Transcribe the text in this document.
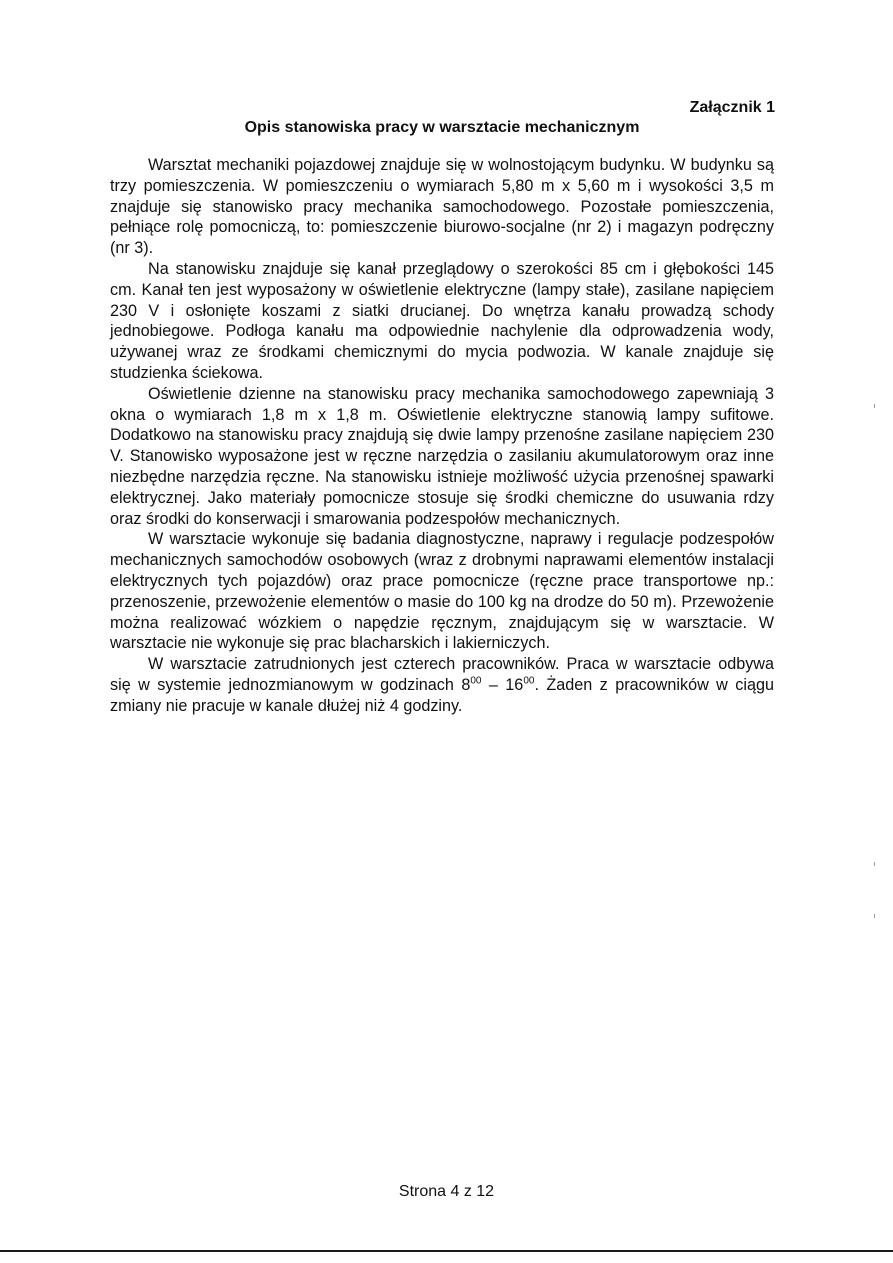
Załącznik 1
Opis stanowiska pracy w warsztacie mechanicznym

Warsztat mechaniki pojazdowej znajduje się w wolnostojącym budynku. W budynku są trzy pomieszczenia. W pomieszczeniu o wymiarach 5,80 m x 5,60 m i wysokości 3,5 m znajduje się stanowisko pracy mechanika samochodowego. Pozostałe pomieszczenia, pełniące rolę pomocniczą, to: pomieszczenie biurowo-socjalne (nr 2) i magazyn podręczny (nr 3).

Na stanowisku znajduje się kanał przeglądowy o szerokości 85 cm i głębokości 145 cm. Kanał ten jest wyposażony w oświetlenie elektryczne (lampy stałe), zasilane napięciem 230 V i osłonięte koszami z siatki drucianej. Do wnętrza kanału prowadzą schody jednobiegowe. Podłoga kanału ma odpowiednie nachylenie dla odprowadzenia wody, używanej wraz ze środkami chemicznymi do mycia podwozia. W kanale znajduje się studzienka ściekowa.

Oświetlenie dzienne na stanowisku pracy mechanika samochodowego zapewniają 3 okna o wymiarach 1,8 m x 1,8 m. Oświetlenie elektryczne stanowią lampy sufitowe. Dodatkowo na stanowisku pracy znajdują się dwie lampy przenośne zasilane napięciem 230 V. Stanowisko wyposażone jest w ręczne narzędzia o zasilaniu akumulatorowym oraz inne niezbędne narzędzia ręczne. Na stanowisku istnieje możliwość użycia przenośnej spawarki elektrycznej. Jako materiały pomocnicze stosuje się środki chemiczne do usuwania rdzy oraz środki do konserwacji i smarowania podzespołów mechanicznych.

W warsztacie wykonuje się badania diagnostyczne, naprawy i regulacje podzespołów mechanicznych samochodów osobowych (wraz z drobnymi naprawami elementów instalacji elektrycznych tych pojazdów) oraz prace pomocnicze (ręczne prace transportowe np.: przenoszenie, przewożenie elementów o masie do 100 kg na drodze do 50 m). Przewożenie można realizować wózkiem o napędzie ręcznym, znajdującym się w warsztacie. W warsztacie nie wykonuje się prac blacharskich i lakierniczych.

W warsztacie zatrudnionych jest czterech pracowników. Praca w warsztacie odbywa się w systemie jednozmianowym w godzinach $8^{00} - 16^{00}$. Żaden z pracowników w ciągu zmiany nie pracuje w kanale dłużej niż 4 godziny.

Strona 4 z 12
